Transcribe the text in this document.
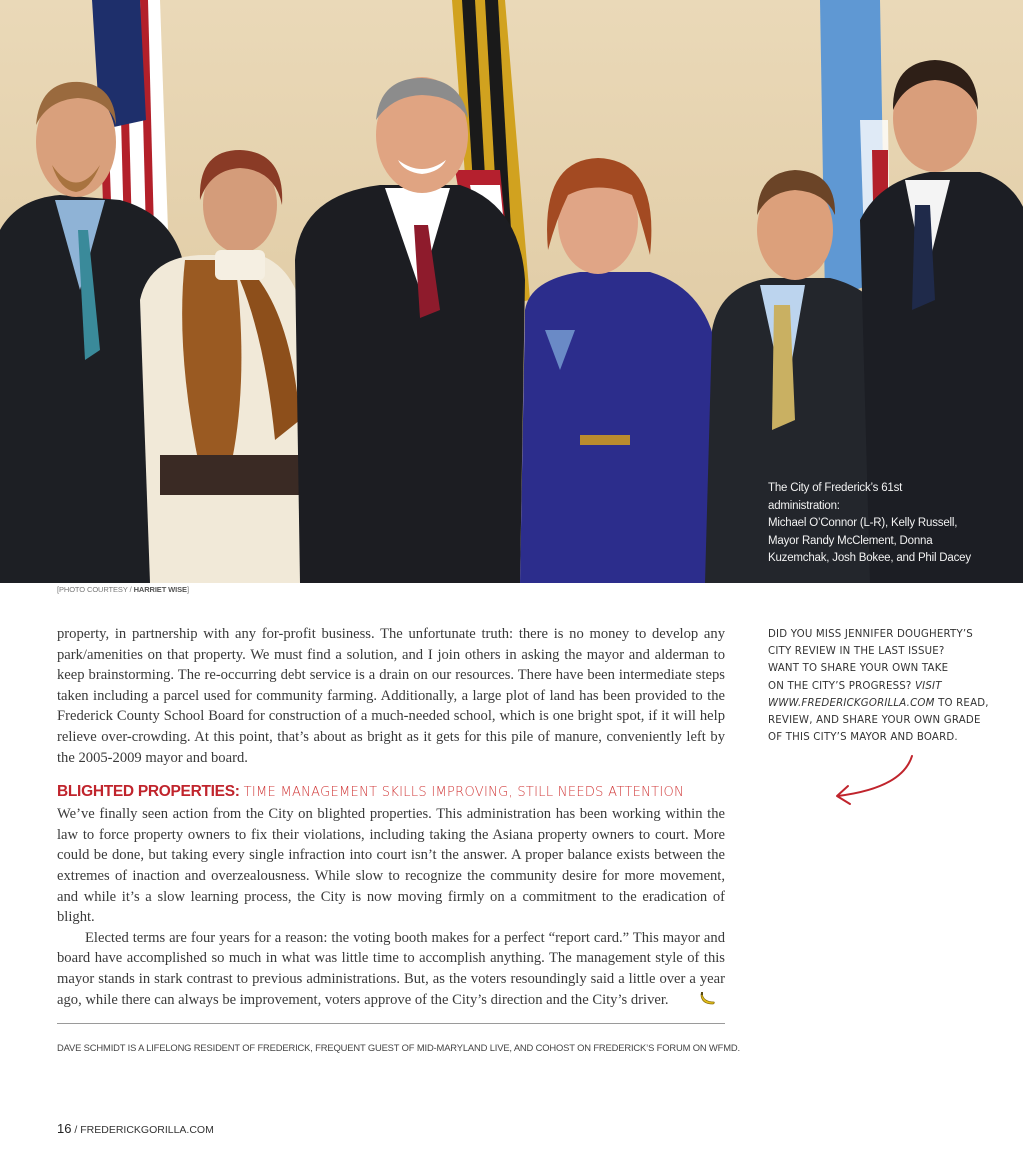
The City of Frederick’s 61st administration:
Michael O’Connor (L-R), Kelly Russell,
Mayor Randy McClement, Donna
Kuzemchak, Josh Bokee, and Phil Dacey
[PHOTO COURTESY / HARRIET WISE]

property, in partnership with any for-profit business. The unfortunate truth: there is no money to develop any park/amenities on that property. We must find a solution, and I join others in asking the mayor and alderman to keep brainstorming. The re-occurring debt service is a drain on our resources. There have been intermediate steps taken including a parcel used for community farming. Additionally, a large plot of land has been provided to the Frederick County School Board for construction of a much-needed school, which is one bright spot, if it will help relieve over-crowding. At this point, that’s about as bright as it gets for this pile of manure, conveniently left by the 2005-2009 mayor and board.

BLIGHTED PROPERTIES: TIME MANAGEMENT SKILLS IMPROVING, STILL NEEDS ATTENTION

We’ve finally seen action from the City on blighted properties. This administration has been working within the law to force property owners to fix their violations, including taking the Asiana property owners to court. More could be done, but taking every single infraction into court isn’t the answer. A proper balance exists between the extremes of inaction and overzealousness. While slow to recognize the community desire for more movement, and while it’s a slow learning process, the City is now moving firmly on a commitment to the eradication of blight.

Elected terms are four years for a reason: the voting booth makes for a perfect “report card.” This mayor and board have accomplished so much in what was little time to accomplish anything. The management style of this mayor stands in stark contrast to previous administrations. But, as the voters resoundingly said a little over a year ago, while there can always be improvement, voters approve of the City’s direction and the City’s driver.

DAVE SCHMIDT IS A LIFELONG RESIDENT OF FREDERICK, FREQUENT GUEST OF MID-MARYLAND LIVE, AND COHOST ON FREDERICK’S FORUM ON WFMD.
DID YOU MISS JENNIFER DOUGHERTY’S
CITY REVIEW IN THE LAST ISSUE?
WANT TO SHARE YOUR OWN TAKE
ON THE CITY’S PROGRESS? VISIT
WWW.FREDERICKGORILLA.COM TO READ,
REVIEW, AND SHARE YOUR OWN GRADE
OF THIS CITY’S MAYOR AND BOARD.
16 / FREDERICKGORILLA.COM
